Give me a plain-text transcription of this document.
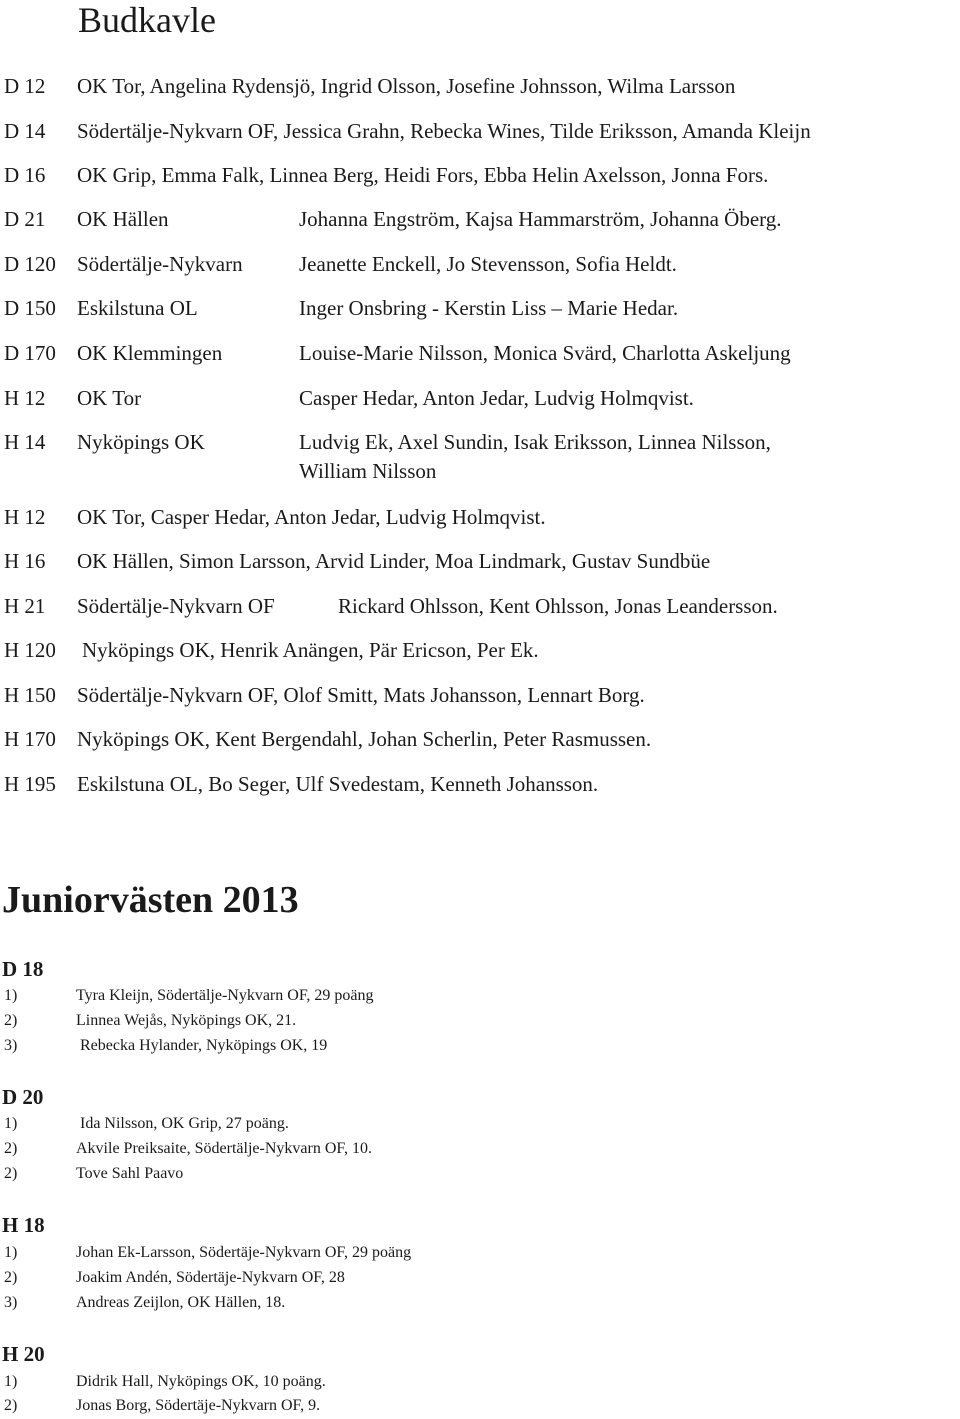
Budkavle
D 12 OK Tor, Angelina Rydensjö, Ingrid Olsson, Josefine Johnsson, Wilma Larsson
D 14 Södertälje-Nykvarn OF, Jessica Grahn, Rebecka Wines, Tilde Eriksson, Amanda Kleijn
D 16 OK Grip, Emma Falk, Linnea Berg, Heidi Fors, Ebba Helin Axelsson, Jonna Fors.
D 21 OK Hällen	Johanna Engström, Kajsa Hammarström, Johanna Öberg.
D 120 Södertälje-Nykvarn	Jeanette Enckell, Jo Stevensson, Sofia Heldt.
D 150 Eskilstuna OL	Inger Onsbring - Kerstin Liss – Marie Hedar.
D 170 OK Klemmingen	Louise-Marie Nilsson, Monica Svärd, Charlotta Askeljung
H 12 OK Tor	Casper Hedar, Anton Jedar, Ludvig Holmqvist.
H 14 Nyköpings OK	Ludvig Ek, Axel Sundin, Isak Eriksson, Linnea Nilsson,
William Nilsson
H 12 OK Tor, Casper Hedar, Anton Jedar, Ludvig Holmqvist.
H 16 OK Hällen, Simon Larsson, Arvid Linder, Moa Lindmark, Gustav Sundbüe
H 21 Södertälje-Nykvarn OF	Rickard Ohlsson, Kent Ohlsson, Jonas Leandersson.
H 120 Nyköpings OK, Henrik Anängen, Pär Ericson, Per Ek.
H 150 Södertälje-Nykvarn OF, Olof Smitt, Mats Johansson, Lennart Borg.
H 170 Nyköpings OK, Kent Bergendahl, Johan Scherlin, Peter Rasmussen.
H 195 Eskilstuna OL, Bo Seger, Ulf Svedestam, Kenneth Johansson.
Juniorvästen 2013
D 18
1)	Tyra Kleijn, Södertälje-Nykvarn OF, 29 poäng
2)	Linnea Wejås, Nyköpings OK, 21.
3)	Rebecka Hylander, Nyköpings OK, 19
D 20
1)	Ida Nilsson, OK Grip, 27 poäng.
2)	Akvile Preiksaite, Södertälje-Nykvarn OF, 10.
2)	Tove Sahl Paavo
H 18
1)	Johan Ek-Larsson, Södertäje-Nykvarn OF, 29 poäng
2)	Joakim Andén, Södertäje-Nykvarn OF, 28
3)	Andreas Zeijlon, OK Hällen, 18.
H 20
1)	Didrik Hall, Nyköpings OK, 10 poäng.
2)	Jonas Borg, Södertäje-Nykvarn OF, 9.
